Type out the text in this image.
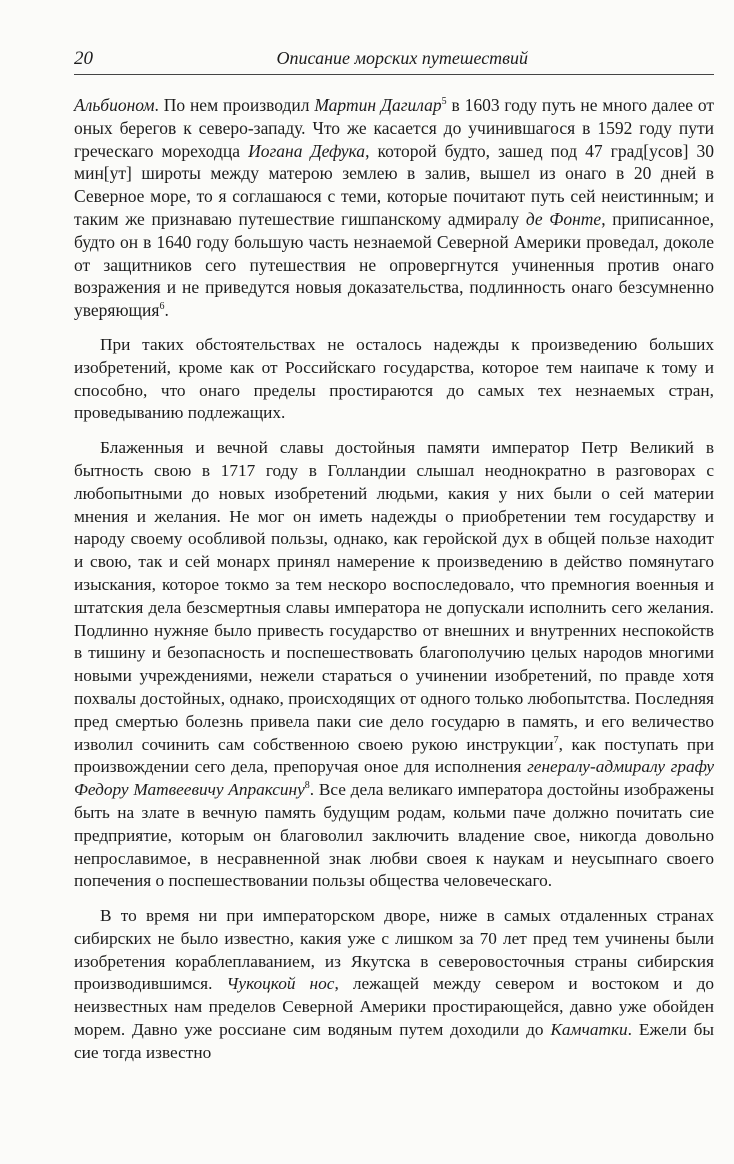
20	Описание морских путешествий

Альбионом. По нем производил Мартин Дагилар$^5$ в 1603 году путь не много далее от оных берегов к северо-западу. Что же касается до учинившагося в 1592 году пути греческаго мореходца Иогана Дефука, которой будто, зашед под 47 град[усов] 30 мин[ут] широты между матерою землею в залив, вышел из онаго в 20 дней в Северное море, то я соглашаюся с теми, которые почитают путь сей неистинным; и таким же признаваю путешествие гишпанскому адмиралу де Фонте, приписанное, будто он в 1640 году большую часть незнаемой Северной Америки проведал, доколе от защитников сего путешествия не опровергнутся учиненныя против онаго возражения и не приведутся новыя доказательства, подлинность онаго безсумненно уверяющия$^6$.

При таких обстоятельствах не осталось надежды к произведению больших изобретений, кроме как от Российскаго государства, которое тем наипаче к тому и способно, что онаго пределы простираются до самых тех незнаемых стран, проведыванию подлежащих.

Блаженныя и вечной славы достойныя памяти император Петр Великий в бытность свою в 1717 году в Голландии слышал неоднократно в разговорах с любопытными до новых изобретений людьми, какия у них были о сей материи мнения и желания. Не мог он иметь надежды о приобретении тем государству и народу своему особливой пользы, однако, как геройской дух в общей пользе находит и свою, так и сей монарх принял намерение к произведению в действо помянутаго изыскания, которое токмо за тем нескоро воспоследовало, что премногия военныя и штатския дела безсмертныя славы императора не допускали исполнить сего желания. Подлинно нужняе было привесть государство от внешних и внутренних неспокойств в тишину и безопасность и поспешествовать благополучию целых народов многими новыми учреждениями, нежели стараться о учинении изобретений, по правде хотя похвалы достойных, однако, происходящих от одного только любопытства. Последняя пред смертью болезнь привела паки сие дело государю в память, и его величество изволил сочинить сам собственною своею рукою инструкции$^7$, как поступать при произвождении сего дела, препоручая оное для исполнения генералу-адмиралу графу Федору Матвеевичу Апраксину$^8$. Все дела великаго императора достойны изображены быть на злате в вечную память будущим родам, кольми паче должно почитать сие предприятие, которым он благоволил заключить владение свое, никогда довольно непрославимое, в несравненной знак любви своея к наукам и неусыпнаго своего попечения о поспешествовании пользы общества человеческаго.

В то время ни при императорском дворе, ниже в самых отдаленных странах сибирских не было известно, какия уже с лишком за 70 лет пред тем учинены были изобретения кораблеплаванием, из Якутска в северовосточныя страны сибирския производившимся. Чукоцкой нос, лежащей между севером и востоком и до неизвестных нам пределов Северной Америки простирающейся, давно уже обойден морем. Давно уже россиане сим водяным путем доходили до Камчатки. Ежели бы сие тогда известно
